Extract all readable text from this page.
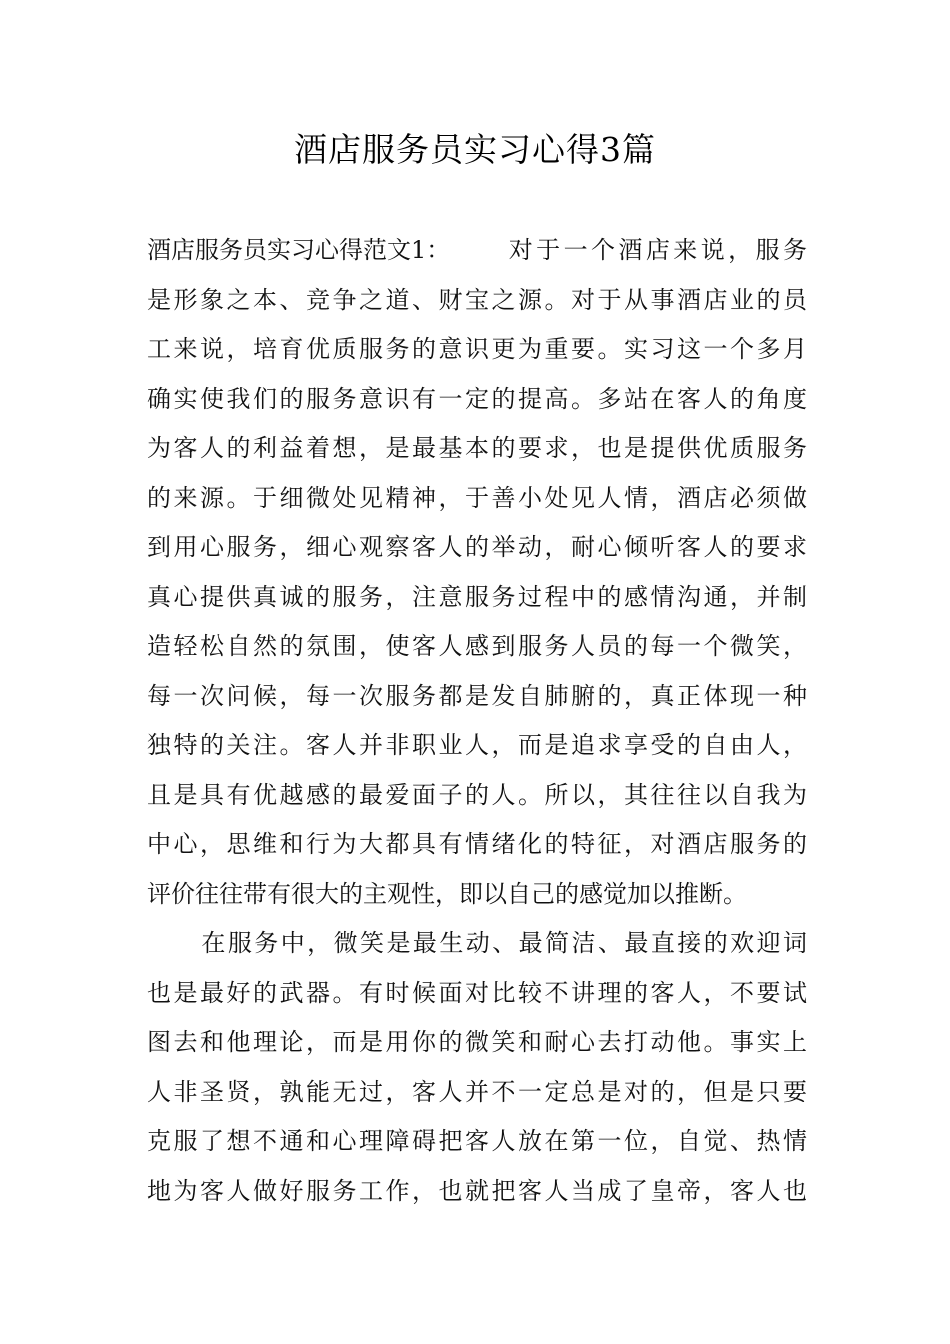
酒店服务员实习心得3篇
酒店服务员实习心得范文1： 对于一个酒店来说，服务
是形象之本、竞争之道、财宝之源。对于从事酒店业的员
工来说，培育优质服务的意识更为重要。实习这一个多月
确实使我们的服务意识有一定的提高。多站在客人的角度
为客人的利益着想，是最基本的要求，也是提供优质服务
的来源。于细微处见精神，于善小处见人情，酒店必须做
到用心服务，细心观察客人的举动，耐心倾听客人的要求
真心提供真诚的服务，注意服务过程中的感情沟通，并制
造轻松自然的氛围，使客人感到服务人员的每一个微笑，
每一次问候，每一次服务都是发自肺腑的，真正体现一种
独特的关注。客人并非职业人，而是追求享受的自由人，
且是具有优越感的最爱面子的人。所以，其往往以自我为
中心，思维和行为大都具有情绪化的特征，对酒店服务的
评价往往带有很大的主观性，即以自己的感觉加以推断。
在服务中，微笑是最生动、最简洁、最直接的欢迎词
也是最好的武器。有时候面对比较不讲理的客人，不要试
图去和他理论，而是用你的微笑和耐心去打动他。事实上
人非圣贤，孰能无过，客人并不一定总是对的，但是只要
克服了想不通和心理障碍把客人放在第一位，自觉、热情
地为客人做好服务工作，也就把客人当成了皇帝，客人也
